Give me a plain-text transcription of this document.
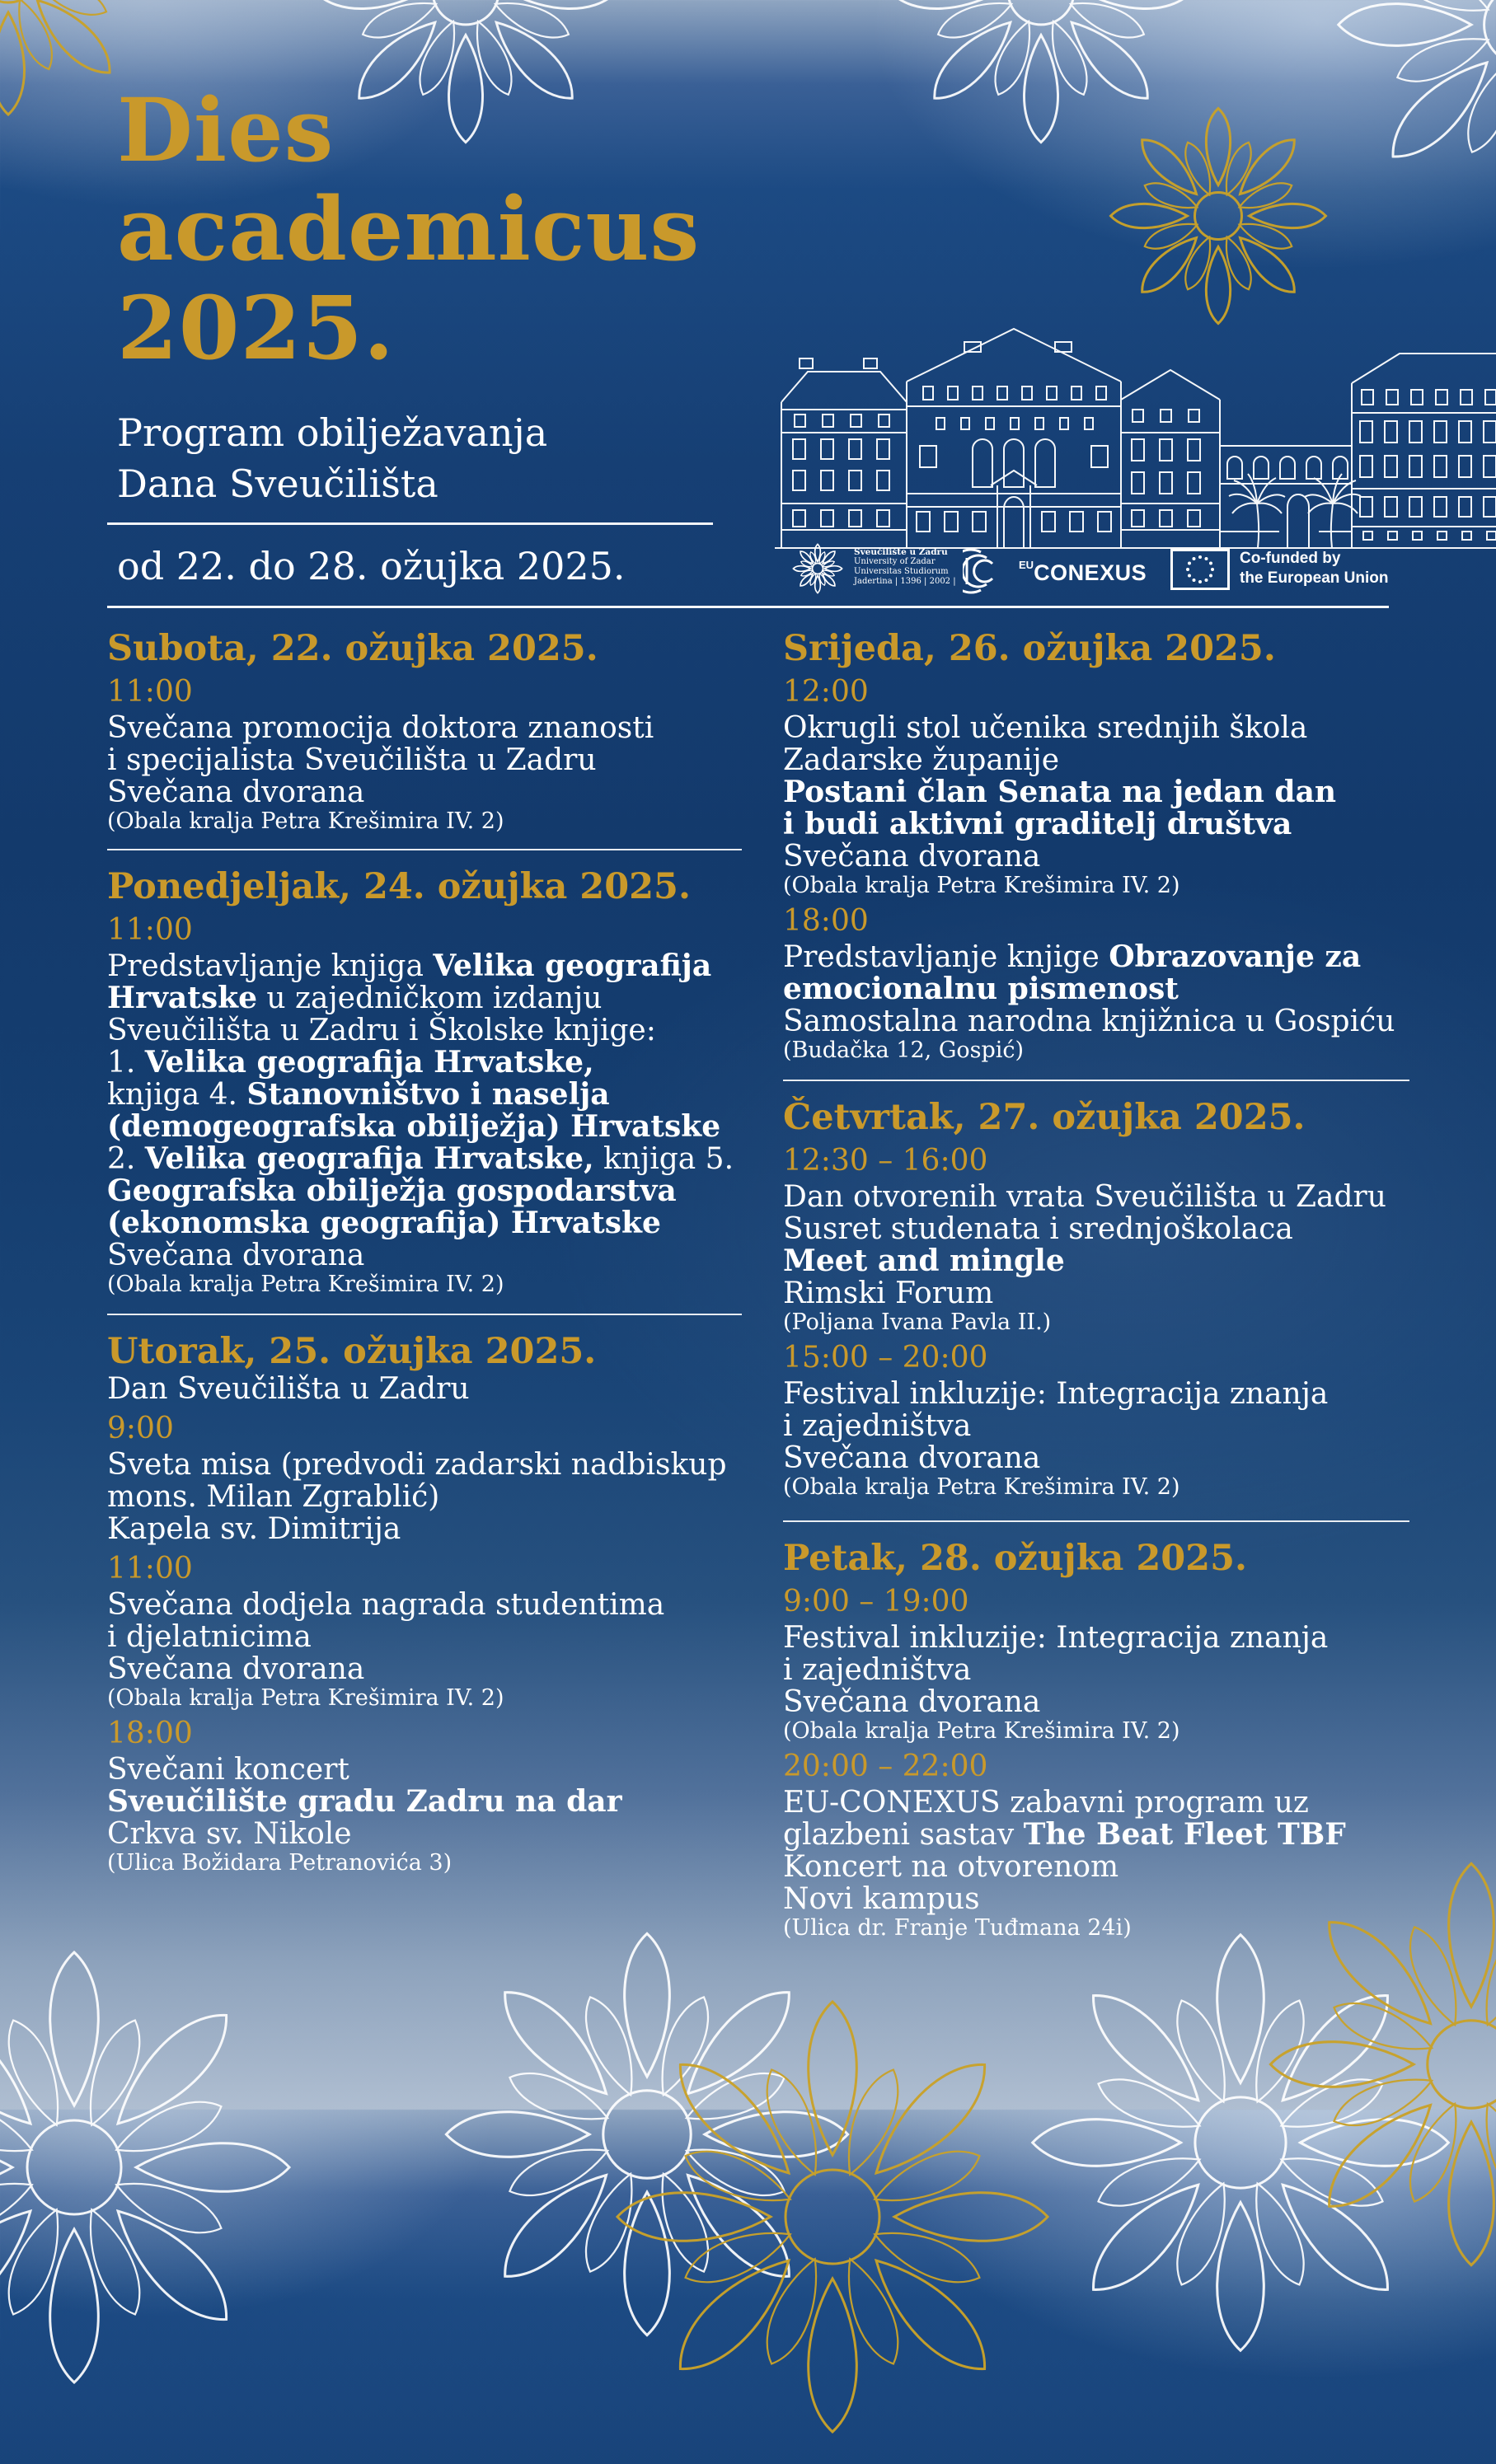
Dies
academicus
2025.
Program obilježavanja
Dana Sveučilišta
od 22. do 28. ožujka 2025.	Sveučilište u Zadru
University of Zadar
Universitas Studiorum
Jadertina | 1396 | 2002 |
$^{EU}$CONEXUS
Co-funded by
the European Union
Subota, 22. ožujka 2025.
11:00
Svečana promocija doktora znanosti
i specijalista Sveučilišta u Zadru
Svečana dvorana
(Obala kralja Petra Krešimira IV. 2)
Ponedjeljak, 24. ožujka 2025.
11:00
Predstavljanje knjiga Velika geografija
Hrvatske u zajedničkom izdanju
Sveučilišta u Zadru i Školske knjige:
1. Velika geografija Hrvatske,
knjiga 4. Stanovništvo i naselja
(demogeografska obilježja) Hrvatske
2. Velika geografija Hrvatske, knjiga 5.
Geografska obilježja gospodarstva
(ekonomska geografija) Hrvatske
Svečana dvorana
(Obala kralja Petra Krešimira IV. 2)
Utorak, 25. ožujka 2025.
Dan Sveučilišta u Zadru
9:00
Sveta misa (predvodi zadarski nadbiskup
mons. Milan Zgrablić)
Kapela sv. Dimitrija
11:00
Svečana dodjela nagrada studentima
i djelatnicima
Svečana dvorana
(Obala kralja Petra Krešimira IV. 2)
18:00
Svečani koncert
Sveučilište gradu Zadru na dar
Crkva sv. Nikole
(Ulica Božidara Petranovića 3)
Srijeda, 26. ožujka 2025.
12:00
Okrugli stol učenika srednjih škola
Zadarske županije
Postani član Senata na jedan dan
i budi aktivni graditelj društva
Svečana dvorana
(Obala kralja Petra Krešimira IV. 2)
18:00
Predstavljanje knjige Obrazovanje za
emocionalnu pismenost
Samostalna narodna knjižnica u Gospiću
(Budačka 12, Gospić)
Četvrtak, 27. ožujka 2025.
12:30 – 16:00
Dan otvorenih vrata Sveučilišta u Zadru
Susret studenata i srednjoškolaca
Meet and mingle
Rimski Forum
(Poljana Ivana Pavla II.)
15:00 – 20:00
Festival inkluzije: Integracija znanja
i zajedništva
Svečana dvorana
(Obala kralja Petra Krešimira IV. 2)
Petak, 28. ožujka 2025.
9:00 – 19:00
Festival inkluzije: Integracija znanja
i zajedništva
Svečana dvorana
(Obala kralja Petra Krešimira IV. 2)
20:00 – 22:00
EU-CONEXUS zabavni program uz
glazbeni sastav The Beat Fleet TBF
Koncert na otvorenom
Novi kampus
(Ulica dr. Franje Tuđmana 24i)
